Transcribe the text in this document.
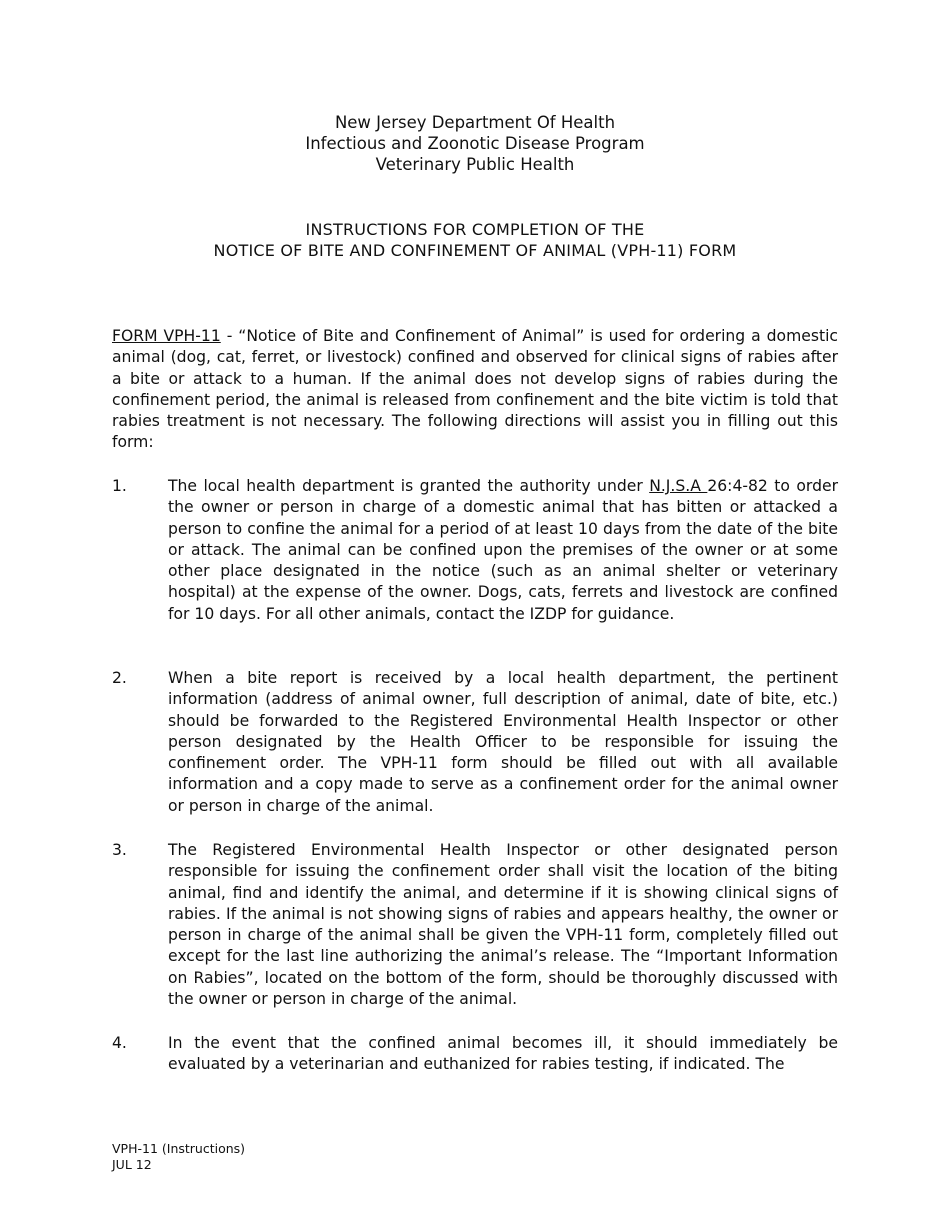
New Jersey Department Of Health
Infectious and Zoonotic Disease Program
Veterinary Public Health
INSTRUCTIONS FOR COMPLETION OF THE
NOTICE OF BITE AND CONFINEMENT OF ANIMAL (VPH-11) FORM

FORM VPH-11 - “Notice of Bite and Confinement of Animal” is used for ordering a domestic animal (dog, cat, ferret, or livestock) confined and observed for clinical signs of rabies after a bite or attack to a human. If the animal does not develop signs of rabies during the confinement period, the animal is released from confinement and the bite victim is told that rabies treatment is not necessary. The following directions will assist you in filling out this form:

1.	The local health department is granted the authority under N.J.S.A 26:4-82 to order the owner or person in charge of a domestic animal that has bitten or attacked a person to confine the animal for a period of at least 10 days from the date of the bite or attack. The animal can be confined upon the premises of the owner or at some other place designated in the notice (such as an animal shelter or veterinary hospital) at the expense of the owner. Dogs, cats, ferrets and livestock are confined for 10 days. For all other animals, contact the IZDP for guidance.

2.	When a bite report is received by a local health department, the pertinent information (address of animal owner, full description of animal, date of bite, etc.) should be forwarded to the Registered Environmental Health Inspector or other person designated by the Health Officer to be responsible for issuing the confinement order. The VPH-11 form should be filled out with all available information and a copy made to serve as a confinement order for the animal owner or person in charge of the animal.

3.	The Registered Environmental Health Inspector or other designated person responsible for issuing the confinement order shall visit the location of the biting animal, find and identify the animal, and determine if it is showing clinical signs of rabies. If the animal is not showing signs of rabies and appears healthy, the owner or person in charge of the animal shall be given the VPH-11 form, completely filled out except for the last line authorizing the animal’s release. The “Important Information on Rabies”, located on the bottom of the form, should be thoroughly discussed with the owner or person in charge of the animal.

4.	In the event that the confined animal becomes ill, it should immediately be evaluated by a veterinarian and euthanized for rabies testing, if indicated. The

VPH-11 (Instructions)
JUL 12
